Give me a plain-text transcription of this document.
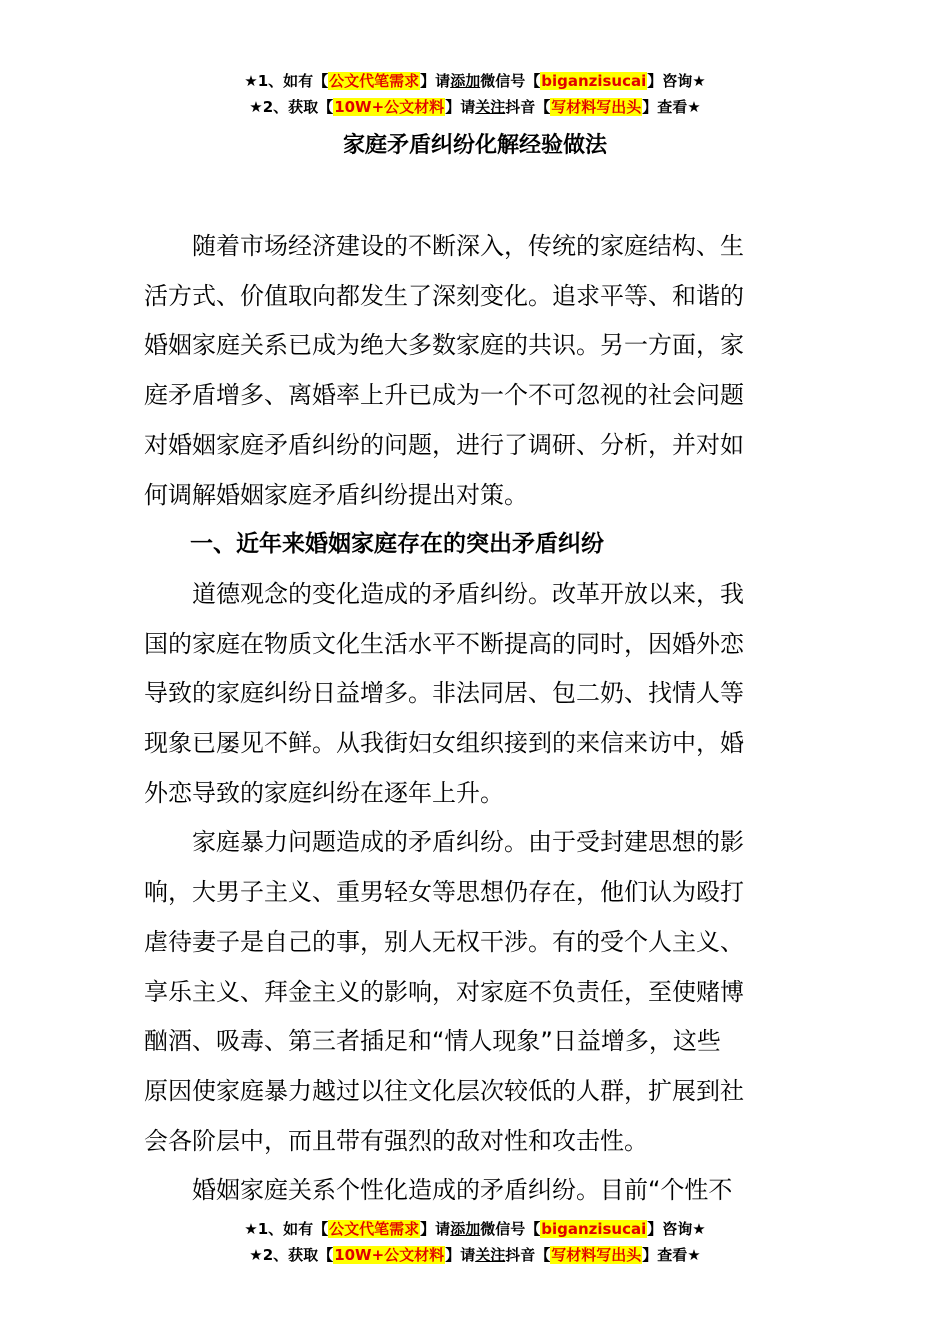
★1、如有【公文代笔需求】请添加微信号【biganzisucai】咨询★
★2、获取【10W+公文材料】请关注抖音【写材料写出头】查看★
家庭矛盾纠纷化解经验做法

随着市场经济建设的不断深入，传统的家庭结构、生
活方式、价值取向都发生了深刻变化。追求平等、和谐的
婚姻家庭关系已成为绝大多数家庭的共识。另一方面，家
庭矛盾增多、离婚率上升已成为一个不可忽视的社会问题
对婚姻家庭矛盾纠纷的问题，进行了调研、分析，并对如
何调解婚姻家庭矛盾纠纷提出对策。

一、近年来婚姻家庭存在的突出矛盾纠纷

道德观念的变化造成的矛盾纠纷。改革开放以来，我
国的家庭在物质文化生活水平不断提高的同时，因婚外恋
导致的家庭纠纷日益增多。非法同居、包二奶、找情人等
现象已屡见不鲜。从我街妇女组织接到的来信来访中，婚
外恋导致的家庭纠纷在逐年上升。

家庭暴力问题造成的矛盾纠纷。由于受封建思想的影
响，大男子主义、重男轻女等思想仍存在，他们认为殴打
虐待妻子是自己的事，别人无权干涉。有的受个人主义、
享乐主义、拜金主义的影响，对家庭不负责任，至使赌博
酗酒、吸毒、第三者插足和“情人现象”日益增多，这些
原因使家庭暴力越过以往文化层次较低的人群，扩展到社
会各阶层中，而且带有强烈的敌对性和攻击性。

婚姻家庭关系个性化造成的矛盾纠纷。目前“个性不

★1、如有【公文代笔需求】请添加微信号【biganzisucai】咨询★
★2、获取【10W+公文材料】请关注抖音【写材料写出头】查看★
